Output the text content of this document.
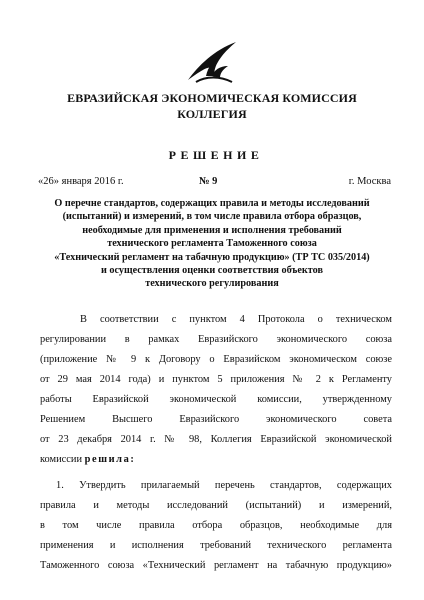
ЕВРАЗИЙСКАЯ ЭКОНОМИЧЕСКАЯ КОМИССИЯ
КОЛЛЕГИЯ
РЕШЕНИЕ
«26» января 2016 г.	№ 9	г. Москва
О перечне стандартов, содержащих правила и методы исследований
(испытаний) и измерений, в том числе правила отбора образцов,
необходимые для применения и исполнения требований
технического регламента Таможенного союза
«Технический регламент на табачную продукцию» (ТР ТС 035/2014)
и осуществления оценки соответствия объектов
технического регулирования
В соответствии с пунктом 4 Протокола о техническом
регулировании в рамках Евразийского экономического союза
(приложение № 9 к Договору о Евразийском экономическом союзе
от 29 мая 2014 года) и пунктом 5 приложения № 2 к Регламенту
работы Евразийской экономической комиссии, утвержденному
Решением Высшего Евразийского экономического совета
от 23 декабря 2014 г. № 98, Коллегия Евразийской экономической
комиссии решила:
1. Утвердить прилагаемый перечень стандартов, содержащих
правила и методы исследований (испытаний) и измерений,
в том числе правила отбора образцов, необходимые для
применения и исполнения требований технического регламента
Таможенного союза «Технический регламент на табачную продукцию»
